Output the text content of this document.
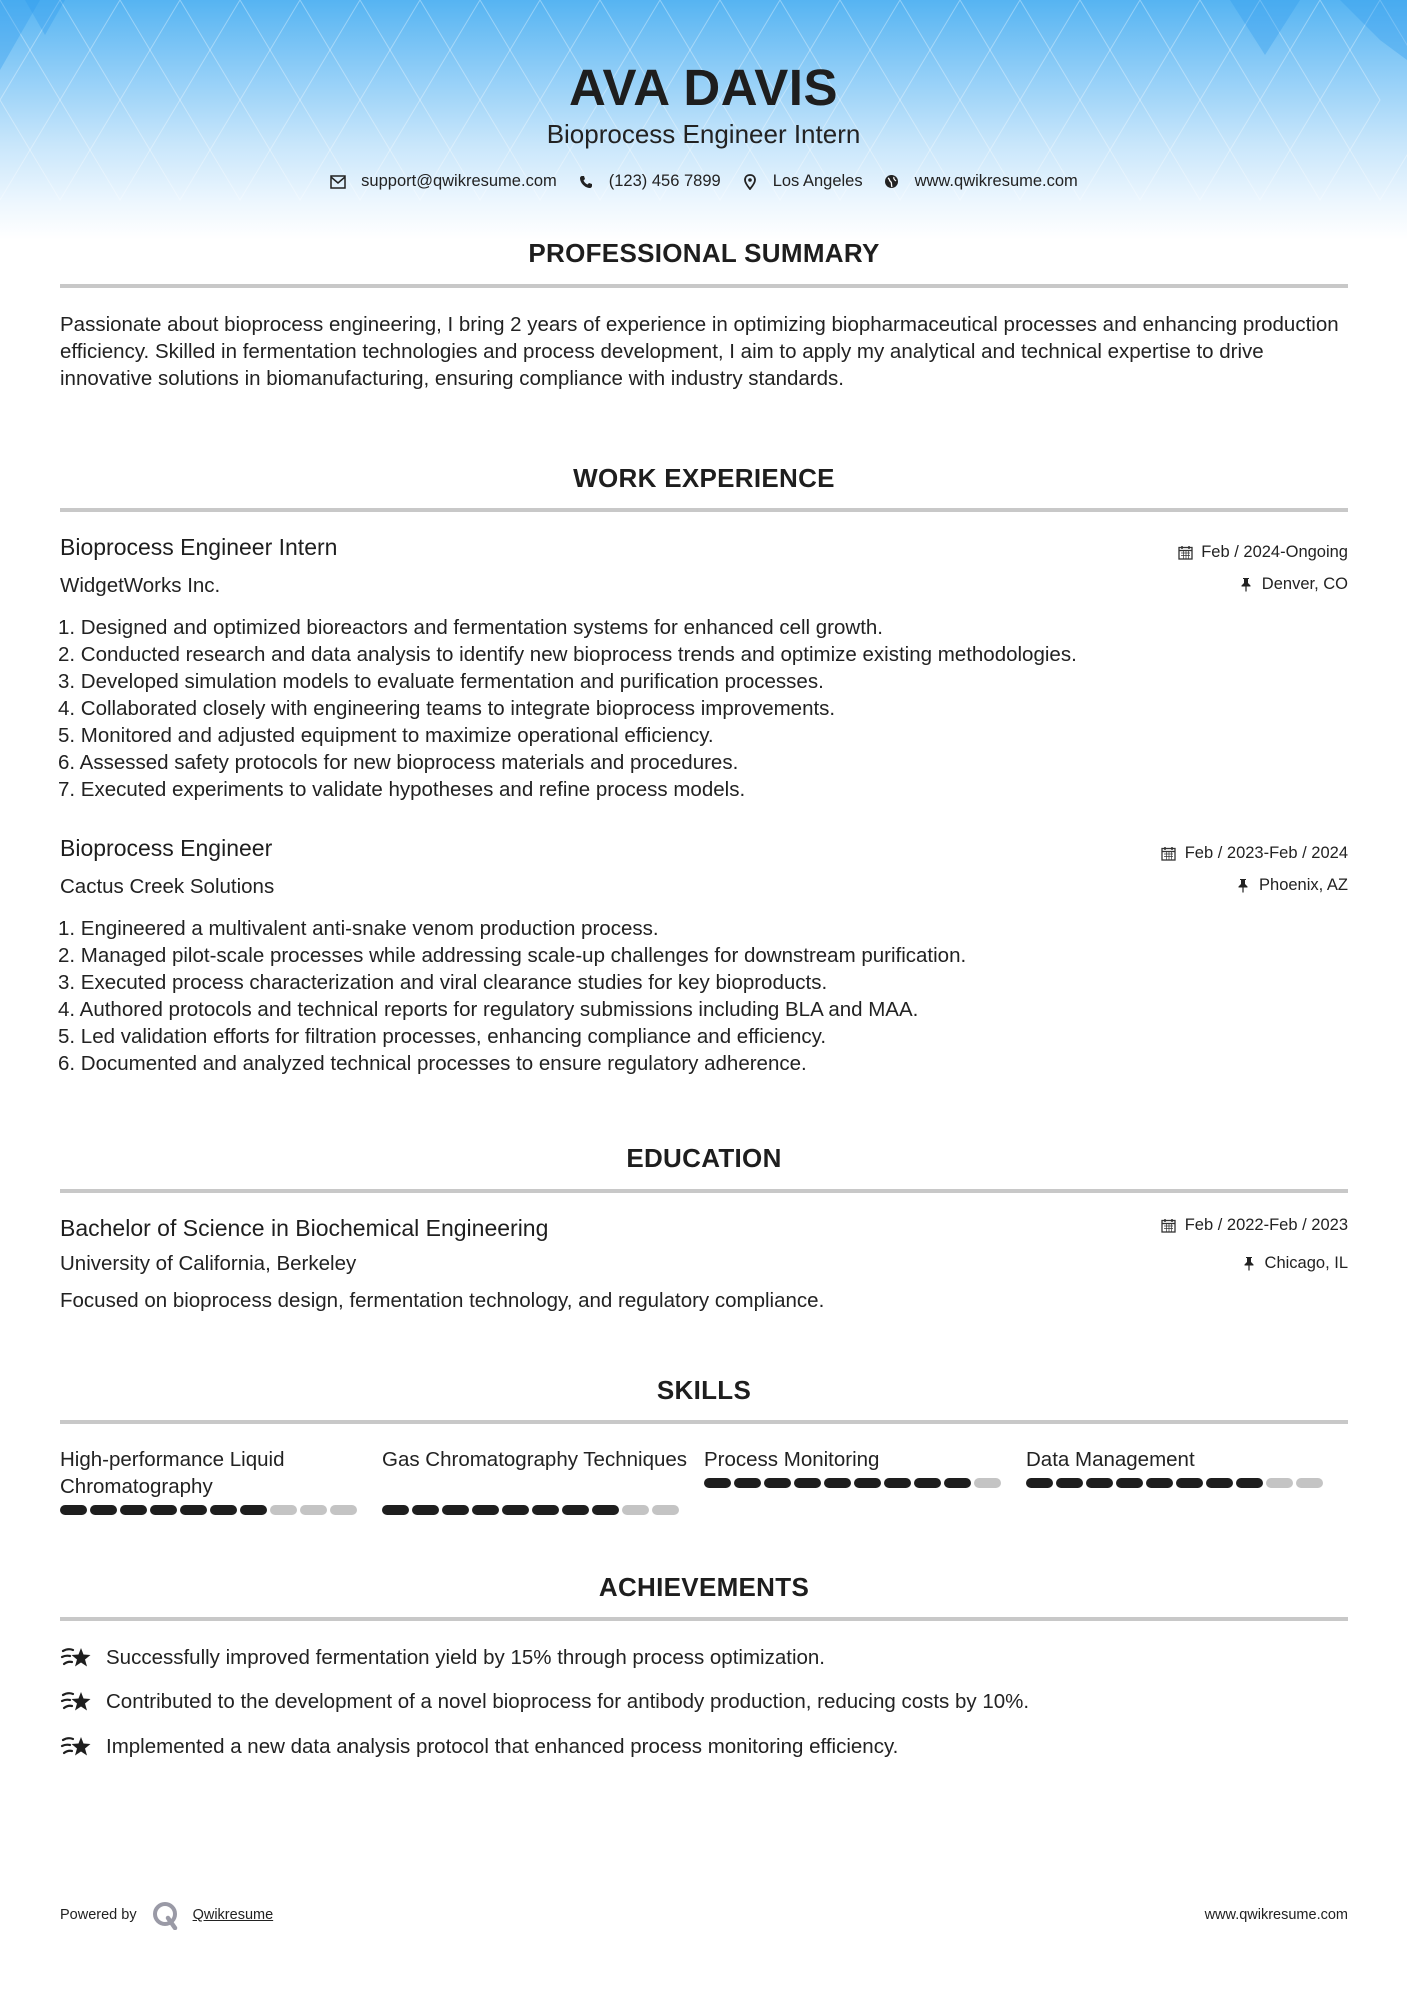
AVA DAVIS
Bioprocess Engineer Intern
support@qwikresume.com	(123) 456 7899	Los Angeles	www.qwikresume.com
PROFESSIONAL SUMMARY
Passionate about bioprocess engineering, I bring 2 years of experience in optimizing biopharmaceutical processes and enhancing production efficiency. Skilled in fermentation technologies and process development, I aim to apply my analytical and technical expertise to drive innovative solutions in biomanufacturing, ensuring compliance with industry standards.
WORK EXPERIENCE
Bioprocess Engineer Intern	Feb / 2024-Ongoing
WidgetWorks Inc.	Denver, CO
1. Designed and optimized bioreactors and fermentation systems for enhanced cell growth.
2. Conducted research and data analysis to identify new bioprocess trends and optimize existing methodologies.
3. Developed simulation models to evaluate fermentation and purification processes.
4. Collaborated closely with engineering teams to integrate bioprocess improvements.
5. Monitored and adjusted equipment to maximize operational efficiency.
6. Assessed safety protocols for new bioprocess materials and procedures.
7. Executed experiments to validate hypotheses and refine process models.
Bioprocess Engineer	Feb / 2023-Feb / 2024
Cactus Creek Solutions	Phoenix, AZ
1. Engineered a multivalent anti-snake venom production process.
2. Managed pilot-scale processes while addressing scale-up challenges for downstream purification.
3. Executed process characterization and viral clearance studies for key bioproducts.
4. Authored protocols and technical reports for regulatory submissions including BLA and MAA.
5. Led validation efforts for filtration processes, enhancing compliance and efficiency.
6. Documented and analyzed technical processes to ensure regulatory adherence.
EDUCATION
Bachelor of Science in Biochemical Engineering	Feb / 2022-Feb / 2023
University of California, Berkeley	Chicago, IL
Focused on bioprocess design, fermentation technology, and regulatory compliance.
SKILLS
High-performance Liquid Chromatography
Gas Chromatography Techniques Process Monitoring	Data Management
ACHIEVEMENTS
Successfully improved fermentation yield by 15% through process optimization.
Contributed to the development of a novel bioprocess for antibody production, reducing costs by 10%.
Implemented a new data analysis protocol that enhanced process monitoring efficiency.
Powered by	Qwikresume	www.qwikresume.com
